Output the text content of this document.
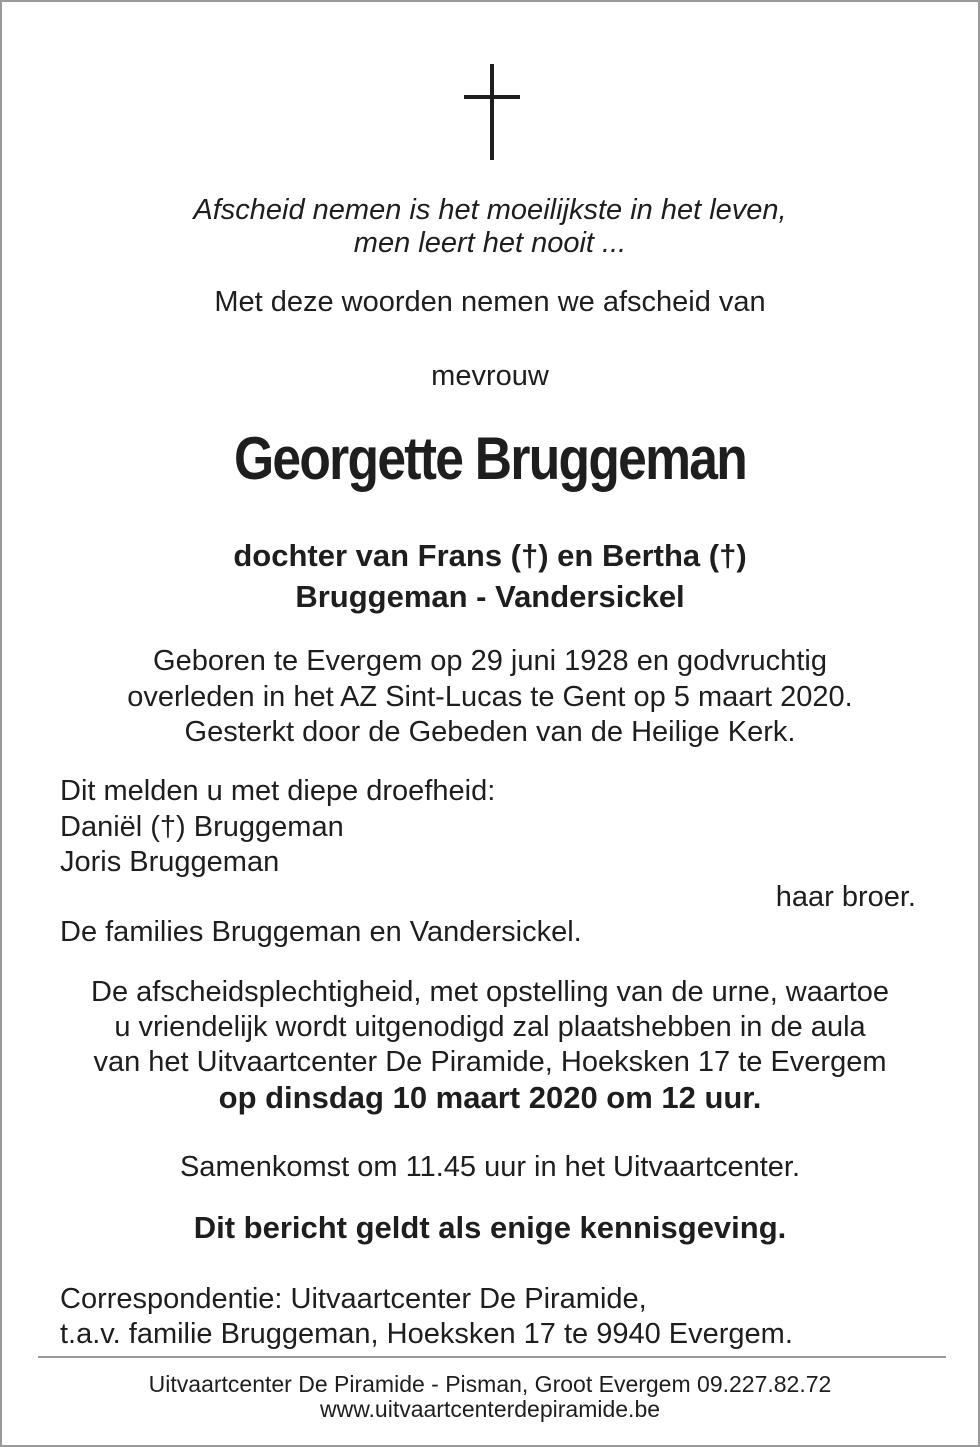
Afscheid nemen is het moeilijkste in het leven,
men leert het nooit ...
Met deze woorden nemen we afscheid van
mevrouw
Georgette Bruggeman
dochter van Frans (†) en Bertha (†)
Bruggeman - Vandersickel
Geboren te Evergem op 29 juni 1928 en godvruchtig
overleden in het AZ Sint-Lucas te Gent op 5 maart 2020.
Gesterkt door de Gebeden van de Heilige Kerk.
Dit melden u met diepe droefheid:
Daniël (†) Bruggeman
Joris Bruggeman
haar broer.
De families Bruggeman en Vandersickel.
De afscheidsplechtigheid, met opstelling van de urne, waartoe
u vriendelijk wordt uitgenodigd zal plaatshebben in de aula
van het Uitvaartcenter De Piramide, Hoeksken 17 te Evergem
op dinsdag 10 maart 2020 om 12 uur.
Samenkomst om 11.45 uur in het Uitvaartcenter.
Dit bericht geldt als enige kennisgeving.
Correspondentie: Uitvaartcenter De Piramide,
t.a.v. familie Bruggeman, Hoeksken 17 te 9940 Evergem.
Uitvaartcenter De Piramide - Pisman, Groot Evergem 09.227.82.72
www.uitvaartcenterdepiramide.be
